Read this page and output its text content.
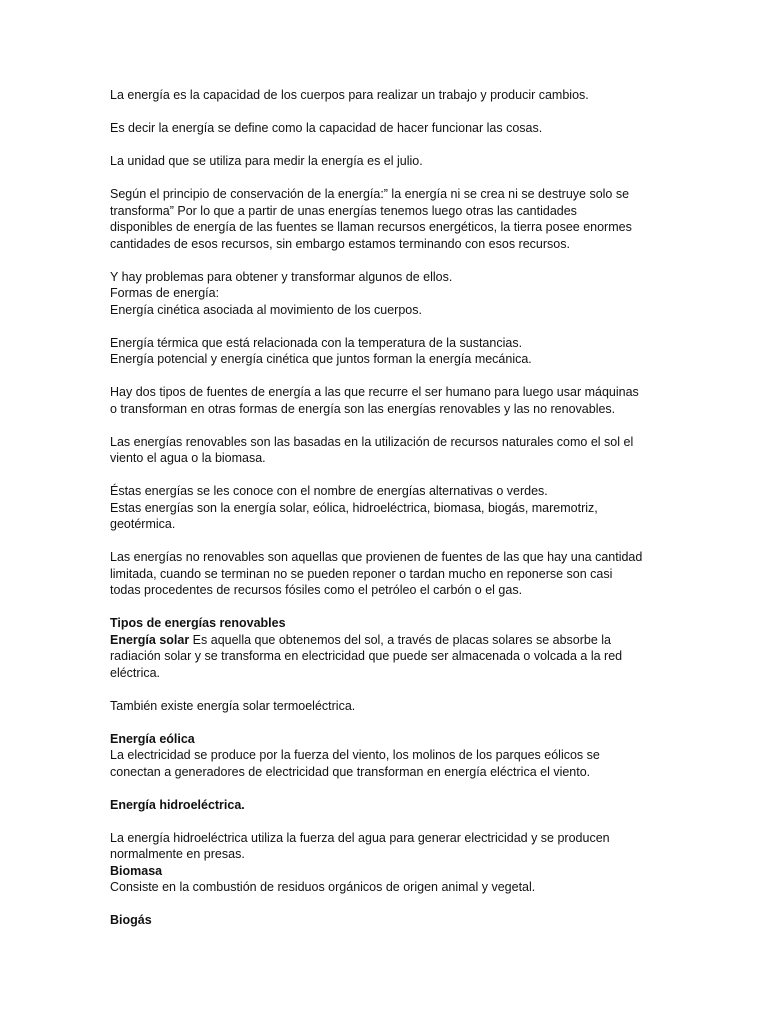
La energía es la capacidad de los cuerpos para realizar un trabajo y producir cambios.
Es decir la energía se define como la capacidad de hacer funcionar las cosas.
La unidad que se utiliza para medir la energía es el julio.
Según el principio de conservación de la energía:” la energía ni se crea ni se destruye solo se
transforma” Por lo que a partir de unas energías tenemos luego otras las cantidades
disponibles de energía de las fuentes se llaman recursos energéticos, la tierra posee enormes
cantidades de esos recursos, sin embargo estamos terminando con esos recursos.
Y hay problemas para obtener y transformar algunos de ellos.
Formas de energía:
Energía cinética asociada al movimiento de los cuerpos.
Energía térmica que está relacionada con la temperatura de la sustancias.
Energía potencial y energía cinética que juntos forman la energía mecánica.
Hay dos tipos de fuentes de energía a las que recurre el ser humano para luego usar máquinas
o transforman en otras formas de energía son las energías renovables y las no renovables.
Las energías renovables son las basadas en la utilización de recursos naturales como el sol el
viento el agua o la biomasa.
Éstas energías se les conoce con el nombre de energías alternativas o verdes.
Estas energías son la energía solar, eólica, hidroeléctrica, biomasa, biogás, maremotriz,
geotérmica.
Las energías no renovables son aquellas que provienen de fuentes de las que hay una cantidad
limitada, cuando se terminan no se pueden reponer o tardan mucho en reponerse son casi
todas procedentes de recursos fósiles como el petróleo el carbón o el gas.
Tipos de energías renovables
Energía solar Es aquella que obtenemos del sol, a través de placas solares se absorbe la
radiación solar y se transforma en electricidad que puede ser almacenada o volcada a la red
eléctrica.
También existe energía solar termoeléctrica.
Energía eólica
La electricidad se produce por la fuerza del viento, los molinos de los parques eólicos se
conectan a generadores de electricidad que transforman en energía eléctrica el viento.
Energía hidroeléctrica.
La energía hidroeléctrica utiliza la fuerza del agua para generar electricidad y se producen
normalmente en presas.
Biomasa
Consiste en la combustión de residuos orgánicos de origen animal y vegetal.
Biogás
